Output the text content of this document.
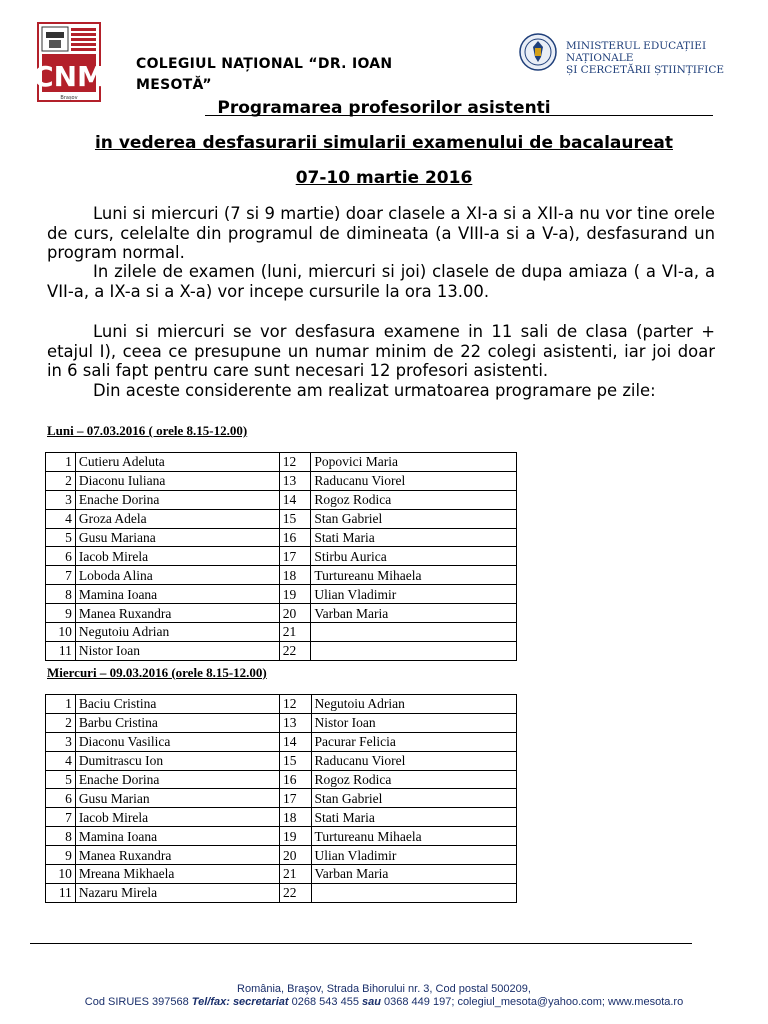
CNM
Brașov
COLEGIUL NAȚIONAL “DR. IOAN MESOTĂ”
MINISTERUL EDUCAȚIEI NAȚIONALE
ȘI CERCETĂRII ȘTIINȚIFICE
Programarea profesorilor asistenti
in vederea desfasurarii simularii examenului de bacalaureat
07-10 martie 2016
Luni si miercuri (7 si 9 martie) doar clasele a XI-a si a XII-a nu vor tine orele de curs, celelalte din programul de dimineata (a VIII-a si a V-a), desfasurand un program normal.
In zilele de examen (luni, miercuri si joi) clasele de dupa amiaza ( a VI-a, a VII-a, a IX-a si a X-a) vor incepe cursurile la ora 13.00.
Luni si miercuri se vor desfasura examene in 11 sali de clasa (parter + etajul I), ceea ce presupune un numar minim de 22 colegi asistenti, iar joi doar in 6 sali fapt pentru care sunt necesari 12 profesori asistenti.
Din aceste considerente am realizat urmatoarea programare pe zile:
Luni – 07.03.2016 ( orele 8.15-12.00)
1	Cutieru Adeluta	12	Popovici Maria
2	Diaconu Iuliana	13	Raducanu Viorel
3	Enache Dorina	14	Rogoz Rodica
4	Groza Adela	15	Stan Gabriel
5	Gusu Mariana	16	Stati Maria
6	Iacob Mirela	17	Stirbu Aurica
7	Loboda Alina	18	Turtureanu Mihaela
8	Mamina Ioana	19	Ulian Vladimir
9	Manea Ruxandra	20	Varban Maria
10	Negutoiu Adrian	21	
11	Nistor Ioan	22	
Miercuri – 09.03.2016 (orele 8.15-12.00)
1	Baciu Cristina	12	Negutoiu Adrian
2	Barbu Cristina	13	Nistor Ioan
3	Diaconu Vasilica	14	Pacurar Felicia
4	Dumitrascu Ion	15	Raducanu Viorel
5	Enache Dorina	16	Rogoz Rodica
6	Gusu Marian	17	Stan Gabriel
7	Iacob Mirela	18	Stati Maria
8	Mamina Ioana	19	Turtureanu Mihaela
9	Manea Ruxandra	20	Ulian Vladimir
10	Mreana Mikhaela	21	Varban Maria
11	Nazaru Mirela	22	
România, Braşov, Strada Bihorului nr. 3, Cod postal 500209,
Cod SIRUES 397568 Tel/fax: secretariat 0268 543 455 sau 0368 449 197; colegiul_mesota@yahoo.com; www.mesota.ro
